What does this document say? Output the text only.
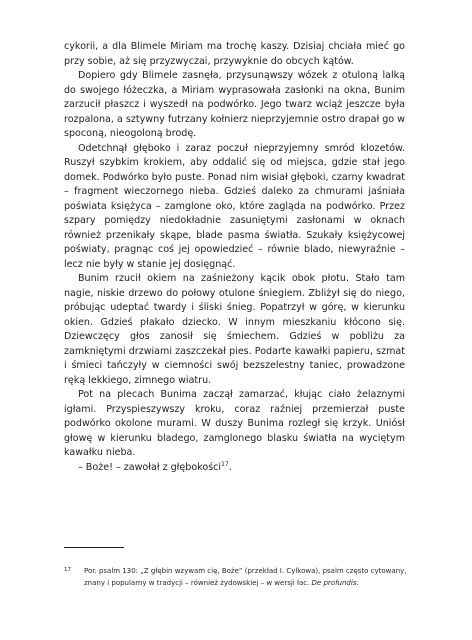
cykorii, a dla Blimele Miriam ma trochę kaszy. Dzisiaj chciała mieć go przy sobie, aż się przyzwyczai, przywyknie do obcych kątów.

Dopiero gdy Blimele zasnęła, przysunąwszy wózek z otuloną lalką do swojego łóżeczka, a Miriam wyprasowała zasłonki na okna, Bunim zarzucił płaszcz i wyszedł na podwórko. Jego twarz wciąż jeszcze była rozpalona, a sztywny futrzany kołnierz nieprzyjemnie ostro drapał go w spoconą, nieogoloną brodę.

Odetchnął głęboko i zaraz poczuł nieprzyjemny smród klozetów. Ruszył szybkim krokiem, aby oddalić się od miejsca, gdzie stał jego domek. Podwórko było puste. Ponad nim wisiał głęboki, czarny kwadrat – fragment wieczornego nieba. Gdzieś daleko za chmurami jaśniała poświata księżyca – zamglone oko, które zagląda na podwórko. Przez szpary pomiędzy niedokładnie zasuniętymi zasłonami w oknach również przenikały skąpe, blade pasma światła. Szukały księżycowej poświaty, pragnąc coś jej opowiedzieć – równie blado, niewyraźnie – lecz nie były w stanie jej dosięgnąć.

Bunim rzucił okiem na zaśnieżony kącik obok płotu. Stało tam nagie, niskie drzewo do połowy otulone śniegiem. Zbliżył się do niego, próbując udeptać twardy i śliski śnieg. Popatrzył w górę, w kierunku okien. Gdzieś płakało dziecko. W innym mieszkaniu kłócono się. Dziewczęcy głos zanosił się śmiechem. Gdzieś w pobliżu za zamkniętymi drzwiami zaszczekał pies. Podarte kawałki papieru, szmat i śmieci tańczyły w ciemności swój bezszelestny taniec, prowadzone ręką lekkiego, zimnego wiatru.

Pot na plecach Bunima zaczął zamarzać, kłując ciało żelaznymi igłami. Przyspieszywszy kroku, coraz raźniej przemierzał puste podwórko okolone murami. W duszy Bunima rozległ się krzyk. Uniósł głowę w kierunku bladego, zamglonego blasku światła na wyciętym kawałku nieba.

– Boże! – zawołał z głębokości$^{17}$.

17	Por. psalm 130: „Z głębin wzywam cię, Boże” (przekład I. Cylkowa), psalm często cytowany, znany i popularny w tradycji – również żydowskiej – w wersji łac. De profundis.
